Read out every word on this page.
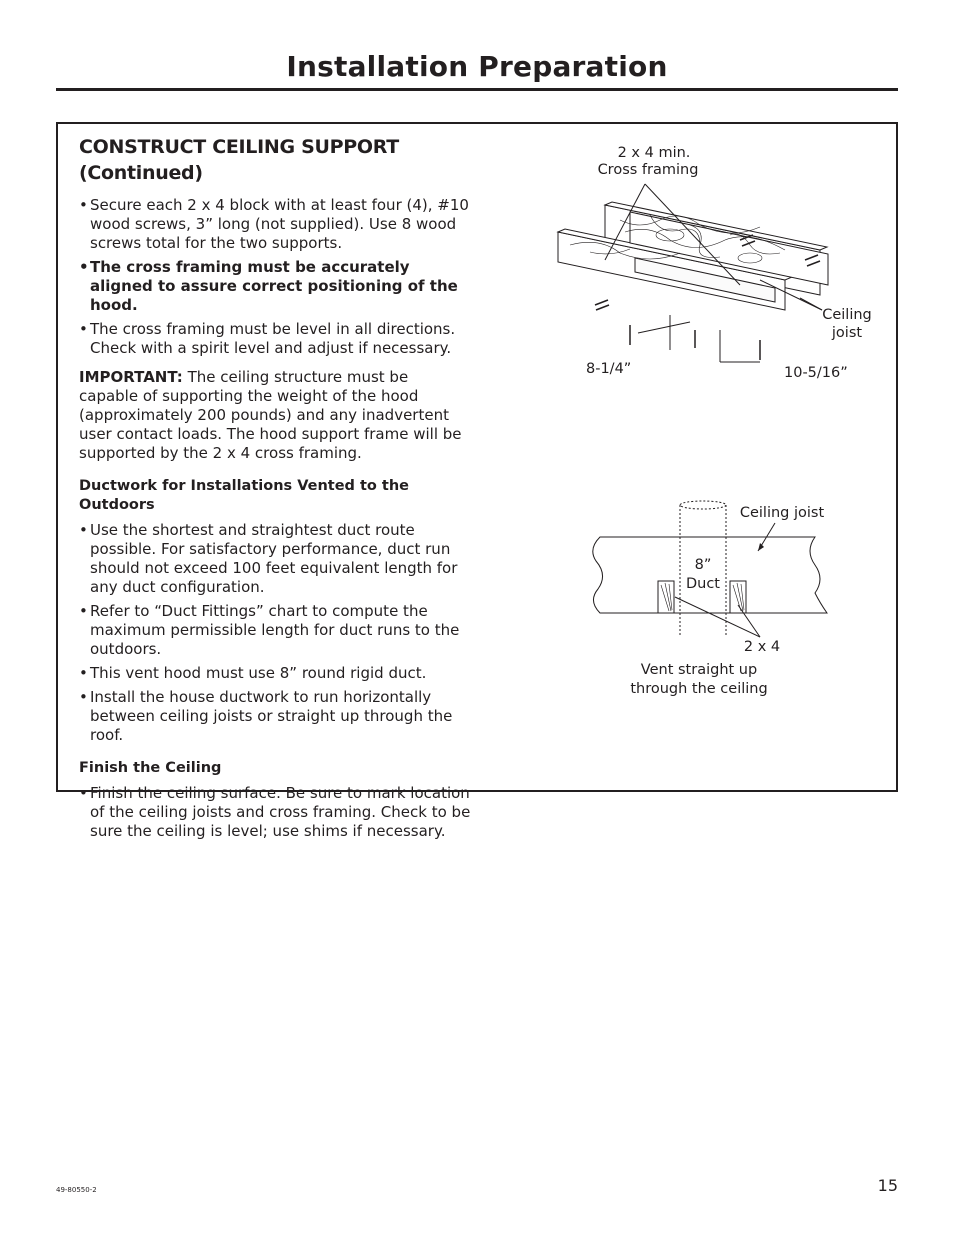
Installation Preparation
CONSTRUCT CEILING SUPPORT (Continued)
• Secure each 2 x 4 block with at least four (4), #10 wood screws, 3” long (not supplied). Use 8 wood screws total for the two supports.
• The cross framing must be accurately aligned to assure correct positioning of the hood.
• The cross framing must be level in all directions. Check with a spirit level and adjust if necessary.
IMPORTANT: The ceiling structure must be capable of supporting the weight of the hood (approximately 200 pounds) and any inadvertent user contact loads. The hood support frame will be supported by the 2 x 4 cross framing.
Ductwork for Installations Vented to the Outdoors
• Use the shortest and straightest duct route possible. For satisfactory performance, duct run should not exceed 100 feet equivalent length for any duct configuration.
• Refer to “Duct Fittings” chart to compute the maximum permissible length for duct runs to the outdoors.
• This vent hood must use 8” round rigid duct.
• Install the house ductwork to run horizontally between ceiling joists or straight up through the roof.
Finish the Ceiling
• Finish the ceiling surface. Be sure to mark location of the ceiling joists and cross framing. Check to be sure the ceiling is level; use shims if necessary.
2 x 4 min.
Cross framing
Ceiling
joist
8-1/4”	10-5/16”
Ceiling joist
8”
Duct
2 x 4
Vent straight up
through the ceiling
49-80550-2	15
